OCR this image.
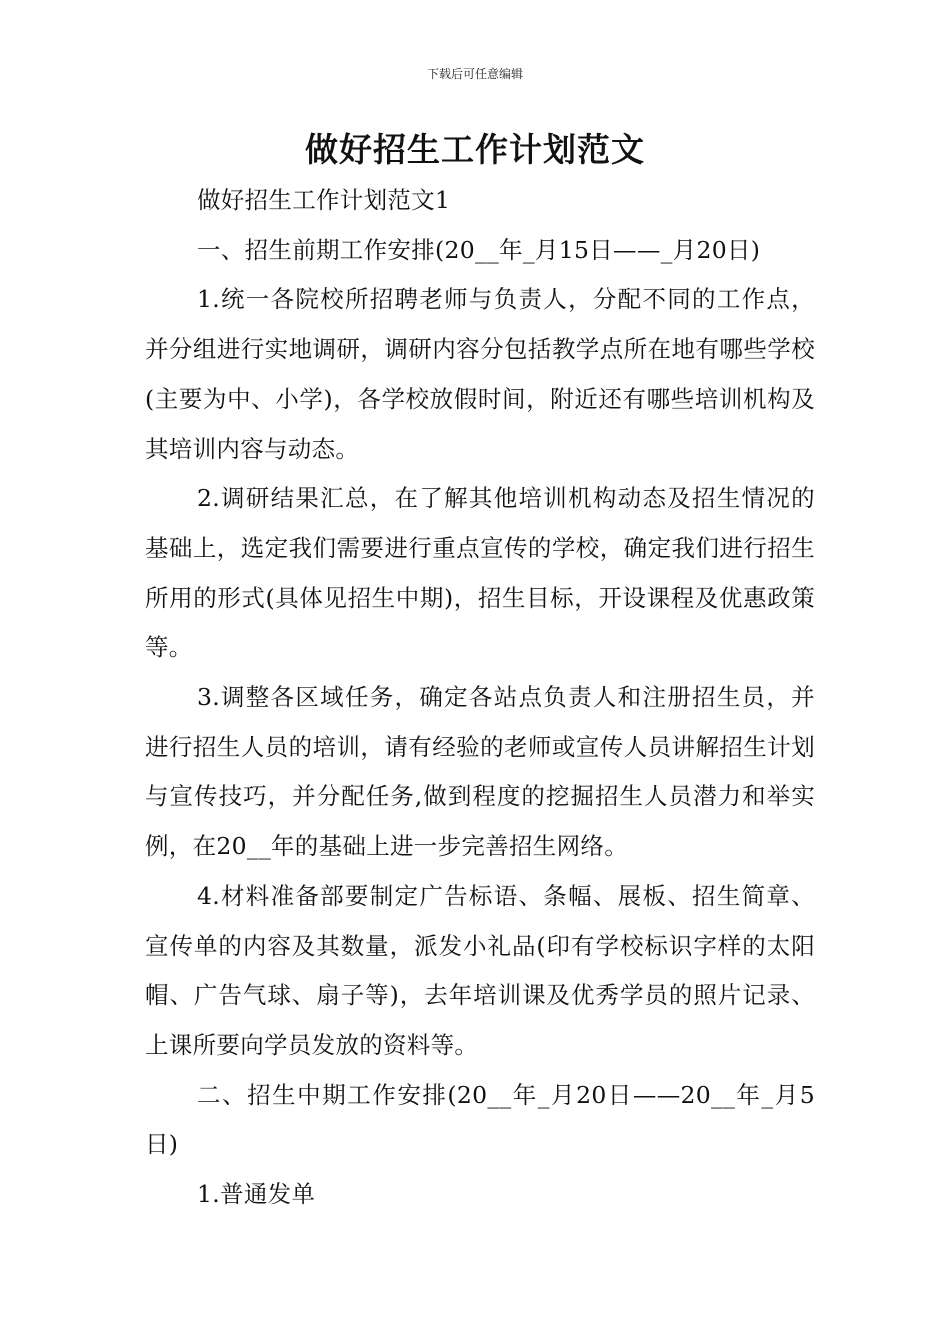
下载后可任意编辑
做好招生工作计划范文

做好招生工作计划范文1

一、招生前期工作安排(20__年_月15日——_月20日)

1.统一各院校所招聘老师与负责人，分配不同的工作点，并分组进行实地调研，调研内容分包括教学点所在地有哪些学校(主要为中、小学)，各学校放假时间，附近还有哪些培训机构及其培训内容与动态。

2.调研结果汇总，在了解其他培训机构动态及招生情况的基础上，选定我们需要进行重点宣传的学校，确定我们进行招生所用的形式(具体见招生中期)，招生目标，开设课程及优惠政策等。

3.调整各区域任务，确定各站点负责人和注册招生员，并进行招生人员的培训，请有经验的老师或宣传人员讲解招生计划与宣传技巧，并分配任务,做到程度的挖掘招生人员潜力和举实例，在20__年的基础上进一步完善招生网络。

4.材料准备部要制定广告标语、条幅、展板、招生简章、宣传单的内容及其数量，派发小礼品(印有学校标识字样的太阳帽、广告气球、扇子等)，去年培训课及优秀学员的照片记录、上课所要向学员发放的资料等。

二、招生中期工作安排(20__年_月20日——20__年_月5日)

1.普通发单
